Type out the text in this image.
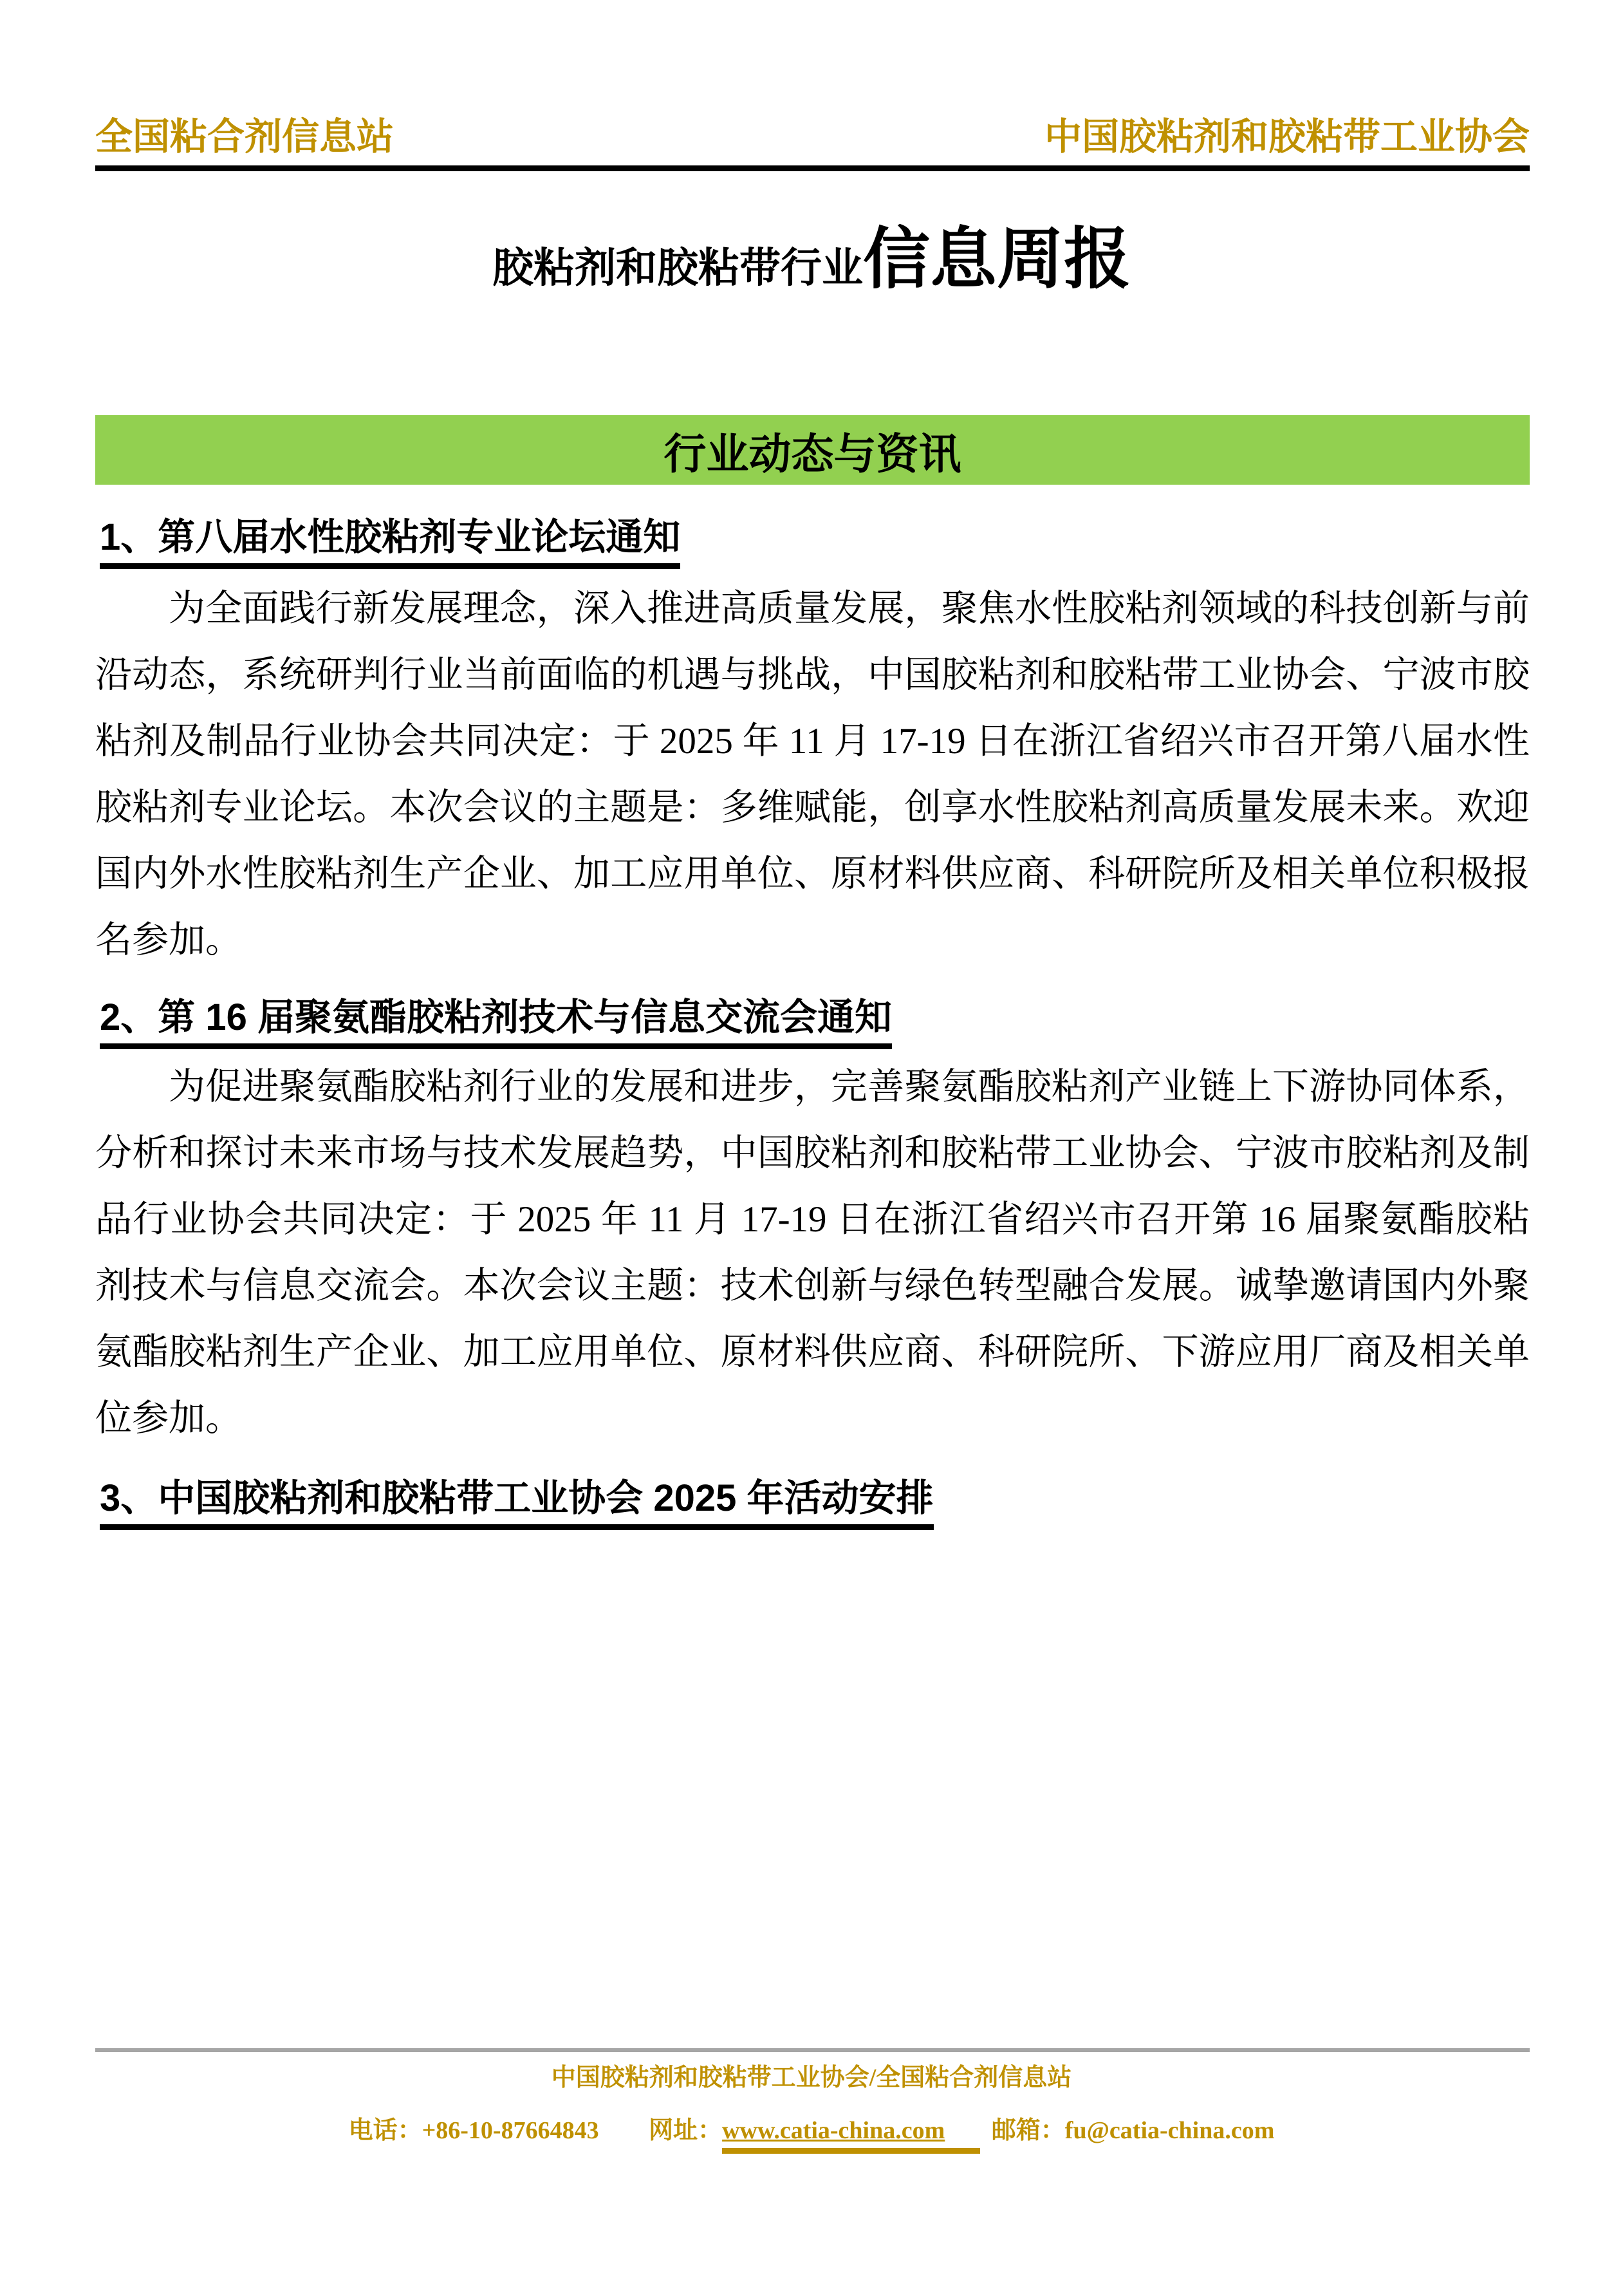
全国粘合剂信息站	中国胶粘剂和胶粘带工业协会
胶粘剂和胶粘带行业信息周报
行业动态与资讯
1、第八届水性胶粘剂专业论坛通知

为全面践行新发展理念，深入推进高质量发展，聚焦水性胶粘剂领域的科技创新与前沿动态，系统研判行业当前面临的机遇与挑战，中国胶粘剂和胶粘带工业协会、宁波市胶粘剂及制品行业协会共同决定：于 2025 年 11 月 17-19 日在浙江省绍兴市召开第八届水性胶粘剂专业论坛。本次会议的主题是：多维赋能，创享水性胶粘剂高质量发展未来。欢迎国内外水性胶粘剂生产企业、加工应用单位、原材料供应商、科研院所及相关单位积极报名参加。

2、第 16 届聚氨酯胶粘剂技术与信息交流会通知

为促进聚氨酯胶粘剂行业的发展和进步，完善聚氨酯胶粘剂产业链上下游协同体系，分析和探讨未来市场与技术发展趋势，中国胶粘剂和胶粘带工业协会、宁波市胶粘剂及制品行业协会共同决定：于 2025 年 11 月 17-19 日在浙江省绍兴市召开第 16 届聚氨酯胶粘剂技术与信息交流会。本次会议主题：技术创新与绿色转型融合发展。诚挚邀请国内外聚氨酯胶粘剂生产企业、加工应用单位、原材料供应商、科研院所、下游应用厂商及相关单位参加。

3、中国胶粘剂和胶粘带工业协会 2025 年活动安排
中国胶粘剂和胶粘带工业协会/全国粘合剂信息站
电话：+86-10-87664843 网址：www.catia-china.com 邮箱：fu@catia-china.com
